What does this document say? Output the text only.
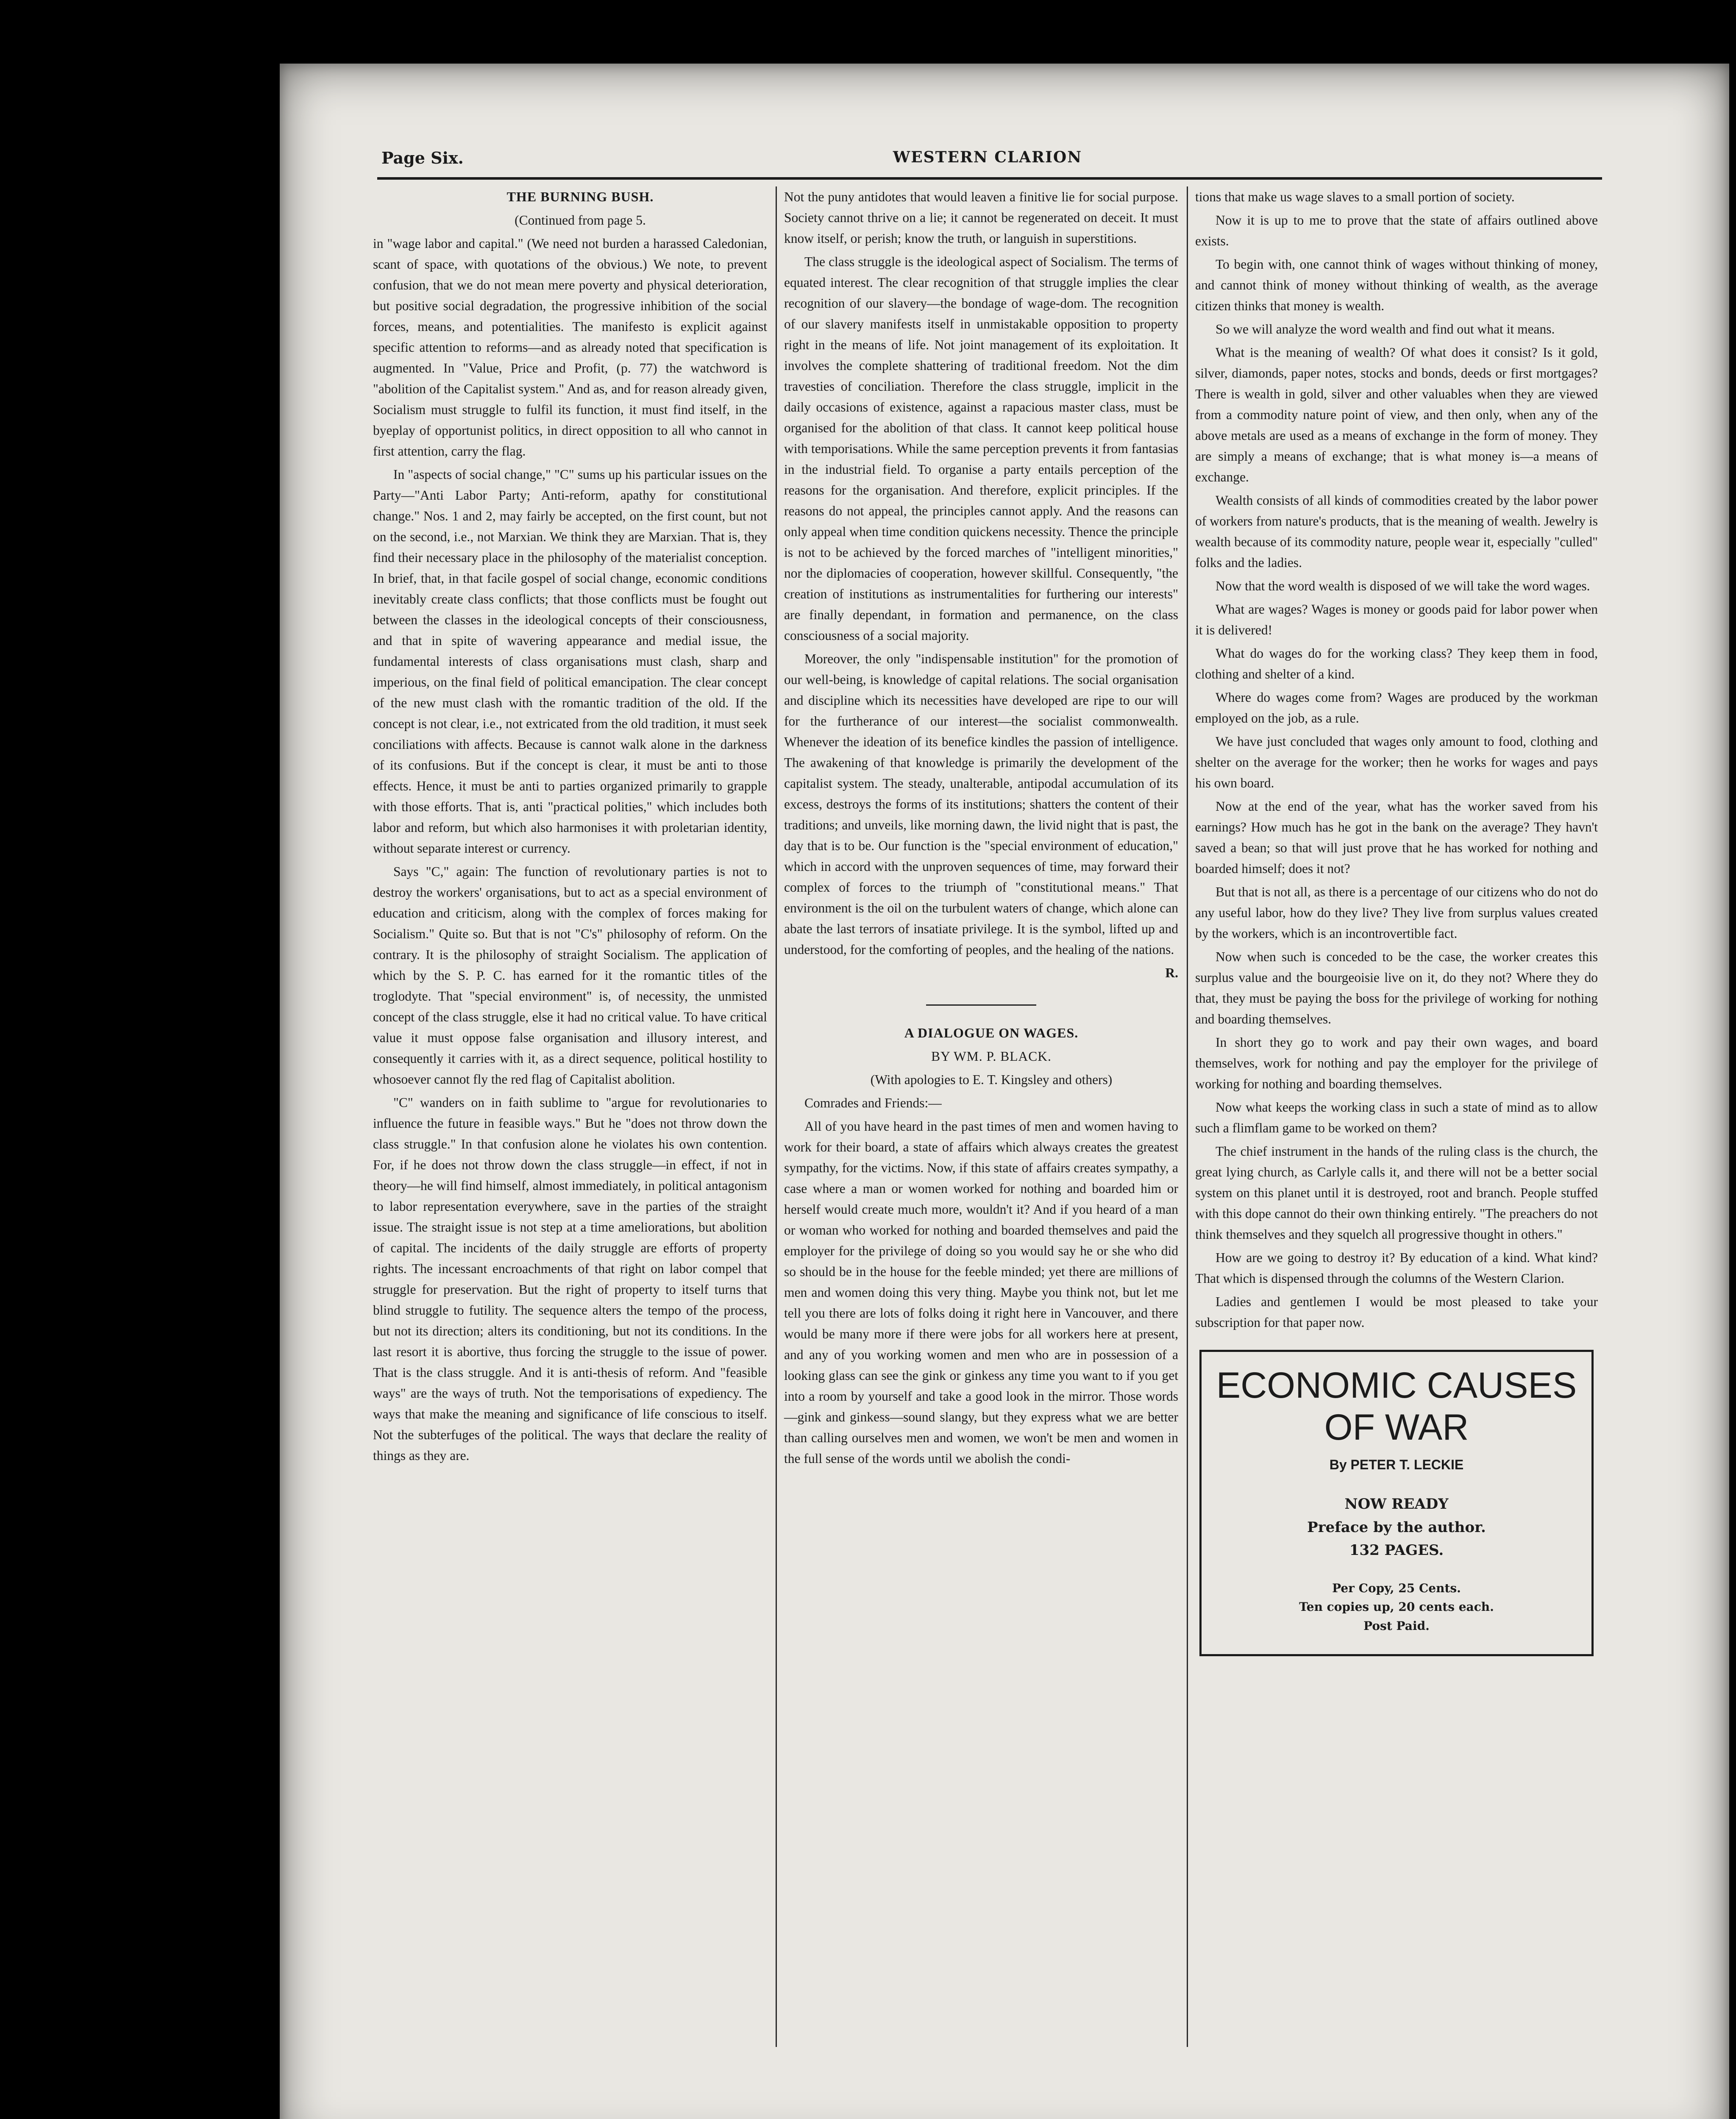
Page Six.	WESTERN CLARION

THE BURNING BUSH.

(Continued from page 5.

in "wage labor and capital." (We need not burden a harassed Caledonian, scant of space, with quotations of the obvious.) We note, to prevent confusion, that we do not mean mere poverty and physical deterioration, but positive social degradation, the progressive inhibition of the social forces, means, and potentialities. The manifesto is explicit against specific attention to reforms—and as already noted that specification is augmented. In "Value, Price and Profit, (p. 77) the watchword is "abolition of the Capitalist system." And as, and for reason already given, Socialism must struggle to fulfil its function, it must find itself, in the byeplay of opportunist politics, in direct opposition to all who cannot in first attention, carry the flag.

In "aspects of social change," "C" sums up his particular issues on the Party—"Anti Labor Party; Anti-reform, apathy for constitutional change." Nos. 1 and 2, may fairly be accepted, on the first count, but not on the second, i.e., not Marxian. We think they are Marxian. That is, they find their necessary place in the philosophy of the materialist conception. In brief, that, in that facile gospel of social change, economic conditions inevitably create class conflicts; that those conflicts must be fought out between the classes in the ideological concepts of their consciousness, and that in spite of wavering appearance and medial issue, the fundamental interests of class organisations must clash, sharp and imperious, on the final field of political emancipation. The clear concept of the new must clash with the romantic tradition of the old. If the concept is not clear, i.e., not extricated from the old tradition, it must seek conciliations with affects. Because is cannot walk alone in the darkness of its confusions. But if the concept is clear, it must be anti to those effects. Hence, it must be anti to parties organized primarily to grapple with those efforts. That is, anti "practical polities," which includes both labor and reform, but which also harmonises it with proletarian identity, without separate interest or currency.

Says "C," again: The function of revolutionary parties is not to destroy the workers' organisations, but to act as a special environment of education and criticism, along with the complex of forces making for Socialism." Quite so. But that is not "C's" philosophy of reform. On the contrary. It is the philosophy of straight Socialism. The application of which by the S. P. C. has earned for it the romantic titles of the troglodyte. That "special environment" is, of necessity, the unmisted concept of the class struggle, else it had no critical value. To have critical value it must oppose false organisation and illusory interest, and consequently it carries with it, as a direct sequence, political hostility to whosoever cannot fly the red flag of Capitalist abolition.

"C" wanders on in faith sublime to "argue for revolutionaries to influence the future in feasible ways." But he "does not throw down the class struggle." In that confusion alone he violates his own contention. For, if he does not throw down the class struggle—in effect, if not in theory—he will find himself, almost immediately, in political antagonism to labor representation everywhere, save in the parties of the straight issue. The straight issue is not step at a time ameliorations, but abolition of capital. The incidents of the daily struggle are efforts of property rights. The incessant encroachments of that right on labor compel that struggle for preservation. But the right of property to itself turns that blind struggle to futility. The sequence alters the tempo of the process, but not its direction; alters its conditioning, but not its conditions. In the last resort it is abortive, thus forcing the struggle to the issue of power. That is the class struggle. And it is anti-thesis of reform. And "feasible ways" are the ways of truth. Not the temporisations of expediency. The ways that make the meaning and significance of life conscious to itself. Not the subterfuges of the political. The ways that declare the reality of things as they are.

Not the puny antidotes that would leaven a finitive lie for social purpose. Society cannot thrive on a lie; it cannot be regenerated on deceit. It must know itself, or perish; know the truth, or languish in superstitions.

The class struggle is the ideological aspect of Socialism. The terms of equated interest. The clear recognition of that struggle implies the clear recognition of our slavery—the bondage of wage-dom. The recognition of our slavery manifests itself in unmistakable opposition to property right in the means of life. Not joint management of its exploitation. It involves the complete shattering of traditional freedom. Not the dim travesties of conciliation. Therefore the class struggle, implicit in the daily occasions of existence, against a rapacious master class, must be organised for the abolition of that class. It cannot keep political house with temporisations. While the same perception prevents it from fantasias in the industrial field. To organise a party entails perception of the reasons for the organisation. And therefore, explicit principles. If the reasons do not appeal, the principles cannot apply. And the reasons can only appeal when time condition quickens necessity. Thence the principle is not to be achieved by the forced marches of "intelligent minorities," nor the diplomacies of cooperation, however skillful. Consequently, "the creation of institutions as instrumentalities for furthering our interests" are finally dependant, in formation and permanence, on the class consciousness of a social majority.

Moreover, the only "indispensable institution" for the promotion of our well-being, is knowledge of capital relations. The social organisation and discipline which its necessities have developed are ripe to our will for the furtherance of our interest—the socialist commonwealth. Whenever the ideation of its benefice kindles the passion of intelligence. The awakening of that knowledge is primarily the development of the capitalist system. The steady, unalterable, antipodal accumulation of its excess, destroys the forms of its institutions; shatters the content of their traditions; and unveils, like morning dawn, the livid night that is past, the day that is to be. Our function is the "special environment of education," which in accord with the unproven sequences of time, may forward their complex of forces to the triumph of "constitutional means." That environment is the oil on the turbulent waters of change, which alone can abate the last terrors of insatiate privilege. It is the symbol, lifted up and understood, for the comforting of peoples, and the healing of the nations.

R.

A DIALOGUE ON WAGES.

BY WM. P. BLACK.

(With apologies to E. T. Kingsley and others)

Comrades and Friends:—

All of you have heard in the past times of men and women having to work for their board, a state of affairs which always creates the greatest sympathy, for the victims. Now, if this state of affairs creates sympathy, a case where a man or women worked for nothing and boarded him or herself would create much more, wouldn't it? And if you heard of a man or woman who worked for nothing and boarded themselves and paid the employer for the privilege of doing so you would say he or she who did so should be in the house for the feeble minded; yet there are millions of men and women doing this very thing. Maybe you think not, but let me tell you there are lots of folks doing it right here in Vancouver, and there would be many more if there were jobs for all workers here at present, and any of you working women and men who are in possession of a looking glass can see the gink or ginkess any time you want to if you get into a room by yourself and take a good look in the mirror. Those words—gink and ginkess—sound slangy, but they express what we are better than calling ourselves men and women, we won't be men and women in the full sense of the words until we abolish the condi-

tions that make us wage slaves to a small portion of society.

Now it is up to me to prove that the state of affairs outlined above exists.

To begin with, one cannot think of wages without thinking of money, and cannot think of money without thinking of wealth, as the average citizen thinks that money is wealth.

So we will analyze the word wealth and find out what it means.

What is the meaning of wealth? Of what does it consist? Is it gold, silver, diamonds, paper notes, stocks and bonds, deeds or first mortgages? There is wealth in gold, silver and other valuables when they are viewed from a commodity nature point of view, and then only, when any of the above metals are used as a means of exchange in the form of money. They are simply a means of exchange; that is what money is—a means of exchange.

Wealth consists of all kinds of commodities created by the labor power of workers from nature's products, that is the meaning of wealth. Jewelry is wealth because of its commodity nature, people wear it, especially "culled" folks and the ladies.

Now that the word wealth is disposed of we will take the word wages.

What are wages? Wages is money or goods paid for labor power when it is delivered!

What do wages do for the working class? They keep them in food, clothing and shelter of a kind.

Where do wages come from? Wages are produced by the workman employed on the job, as a rule.

We have just concluded that wages only amount to food, clothing and shelter on the average for the worker; then he works for wages and pays his own board.

Now at the end of the year, what has the worker saved from his earnings? How much has he got in the bank on the average? They havn't saved a bean; so that will just prove that he has worked for nothing and boarded himself; does it not?

But that is not all, as there is a percentage of our citizens who do not do any useful labor, how do they live? They live from surplus values created by the workers, which is an incontrovertible fact.

Now when such is conceded to be the case, the worker creates this surplus value and the bourgeoisie live on it, do they not? Where they do that, they must be paying the boss for the privilege of working for nothing and boarding themselves.

In short they go to work and pay their own wages, and board themselves, work for nothing and pay the employer for the privilege of working for nothing and boarding themselves.

Now what keeps the working class in such a state of mind as to allow such a flimflam game to be worked on them?

The chief instrument in the hands of the ruling class is the church, the great lying church, as Carlyle calls it, and there will not be a better social system on this planet until it is destroyed, root and branch. People stuffed with this dope cannot do their own thinking entirely. "The preachers do not think themselves and they squelch all progressive thought in others."

How are we going to destroy it? By education of a kind. What kind? That which is dispensed through the columns of the Western Clarion.

Ladies and gentlemen I would be most pleased to take your subscription for that paper now.

ECONOMIC CAUSES
OF WAR
By PETER T. LECKIE
NOW READY
Preface by the author.
132 PAGES.
Per Copy, 25 Cents.
Ten copies up, 20 cents each.
Post Paid.
